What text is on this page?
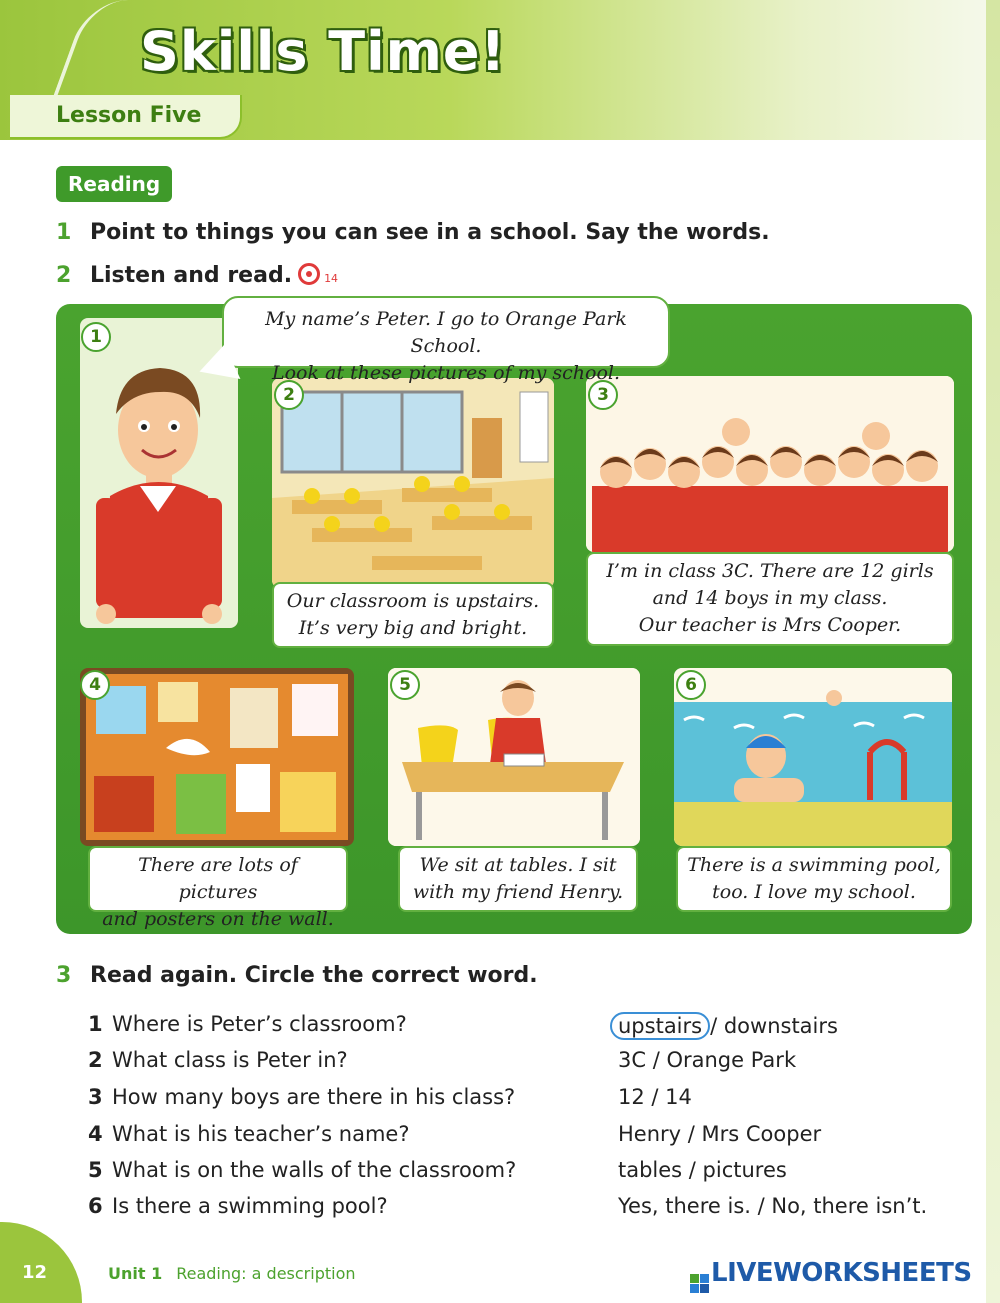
Skills Time!
Lesson Five
Reading
1 Point to things you can see in a school. Say the words.
2 Listen and read.	14
1
My name’s Peter. I go to Orange Park School.
Look at these pictures of my school.
2
Our classroom is upstairs.
It’s very big and bright.
3
I’m in class 3C. There are 12 girls
and 14 boys in my class.
Our teacher is Mrs Cooper.
4
There are lots of pictures
and posters on the wall.
5
We sit at tables. I sit
with my friend Henry.
6
There is a swimming pool,
too. I love my school.
3 Read again. Circle the correct word.
1 Where is Peter’s classroom?	upstairs / downstairs
2 What class is Peter in?	3C / Orange Park
3 How many boys are there in his class?	12 / 14
4 What is his teacher’s name?	Henry / Mrs Cooper
5 What is on the walls of the classroom?	tables / pictures
6 Is there a swimming pool?	Yes, there is. / No, there isn’t.
12	Unit 1 Reading: a description	LIVEWORKSHEETS
